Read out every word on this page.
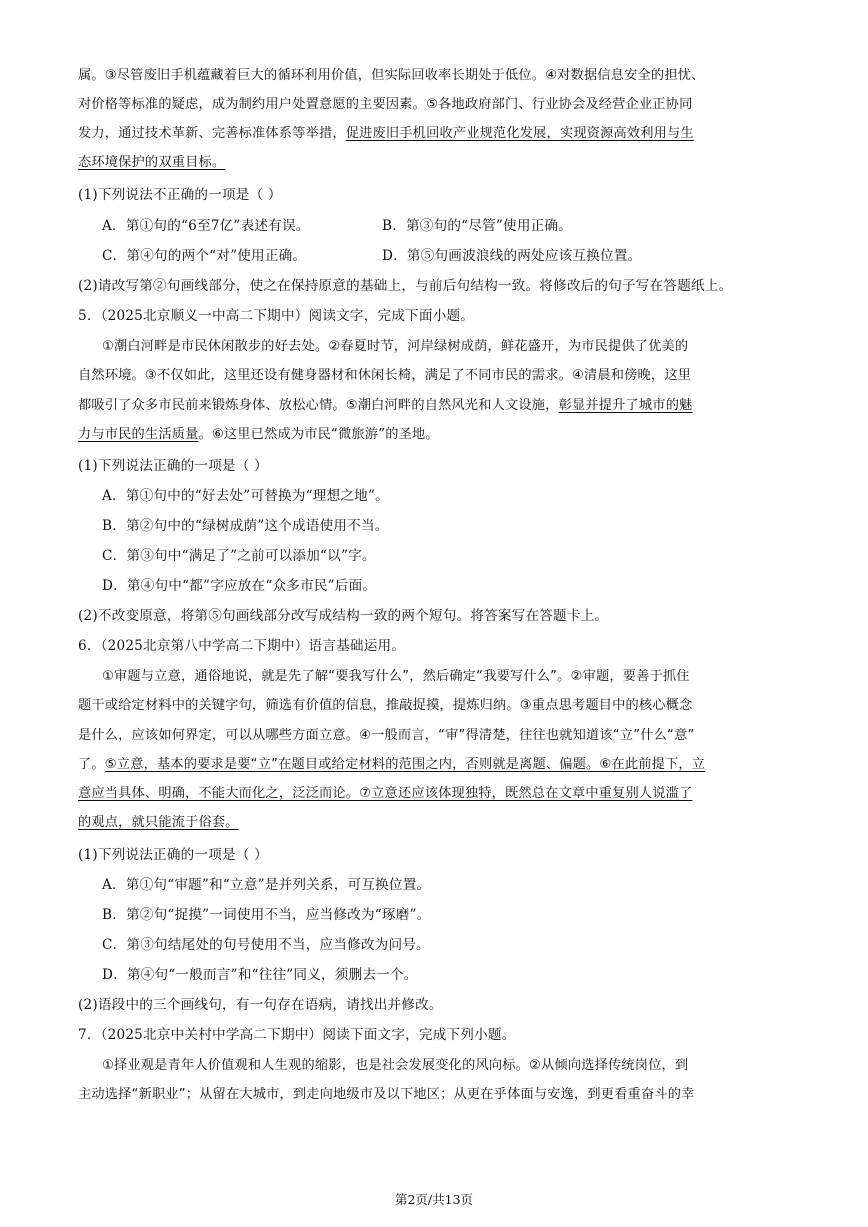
属。③尽管废旧手机蕴藏着巨大的循环利用价值，但实际回收率长期处于低位。④对数据信息安全的担忧、
对价格等标准的疑虑，成为制约用户处置意愿的主要因素。⑤各地政府部门、行业协会及经营企业正协同
发力，通过技术革新、完善标准体系等举措，促进废旧手机回收产业规范化发展，实现资源高效利用与生
态环境保护的双重目标。
(1)下列说法不正确的一项是（ ）
A．第①句的“6至7亿”表述有误。	B．第③句的“尽管”使用正确。
C．第④句的两个“对”使用正确。	D．第⑤句画波浪线的两处应该互换位置。
(2)请改写第②句画线部分，使之在保持原意的基础上，与前后句结构一致。将修改后的句子写在答题纸上。
5．（2025北京顺义一中高二下期中）阅读文字，完成下面小题。
①潮白河畔是市民休闲散步的好去处。②春夏时节，河岸绿树成荫，鲜花盛开，为市民提供了优美的
自然环境。③不仅如此，这里还设有健身器材和休闲长椅，满足了不同市民的需求。④清晨和傍晚，这里
都吸引了众多市民前来锻炼身体、放松心情。⑤潮白河畔的自然风光和人文设施，彰显并提升了城市的魅
力与市民的生活质量。⑥这里已然成为市民“微旅游”的圣地。
(1)下列说法正确的一项是（ ）
A．第①句中的“好去处”可替换为“理想之地”。
B．第②句中的“绿树成荫”这个成语使用不当。
C．第③句中“满足了”之前可以添加“以”字。
D．第④句中“都”字应放在“众多市民”后面。
(2)不改变原意，将第⑤句画线部分改写成结构一致的两个短句。将答案写在答题卡上。
6．（2025北京第八中学高二下期中）语言基础运用。
①审题与立意，通俗地说，就是先了解“要我写什么”，然后确定“我要写什么”。②审题，要善于抓住
题干或给定材料中的关键字句，筛选有价值的信息，推敲捉摸，提炼归纳。③重点思考题目中的核心概念
是什么，应该如何界定，可以从哪些方面立意。④一般而言，“审”得清楚，往往也就知道该“立”什么“意”
了。⑤立意，基本的要求是要“立”在题目或给定材料的范围之内，否则就是离题、偏题。⑥在此前提下，立
意应当具体、明确，不能大而化之，泛泛而论。⑦立意还应该体现独特，既然总在文章中重复别人说滥了
的观点，就只能流于俗套。
(1)下列说法正确的一项是（ ）
A．第①句“审题”和“立意”是并列关系，可互换位置。
B．第②句“捉摸”一词使用不当，应当修改为“琢磨”。
C．第③句结尾处的句号使用不当，应当修改为问号。
D．第④句“一般而言”和“往往”同义，须删去一个。
(2)语段中的三个画线句，有一句存在语病，请找出并修改。
7．（2025北京中关村中学高二下期中）阅读下面文字，完成下列小题。
①择业观是青年人价值观和人生观的缩影，也是社会发展变化的风向标。②从倾向选择传统岗位，到
主动选择“新职业”；从留在大城市，到走向地级市及以下地区；从更在乎体面与安逸，到更看重奋斗的幸
第2页/共13页
